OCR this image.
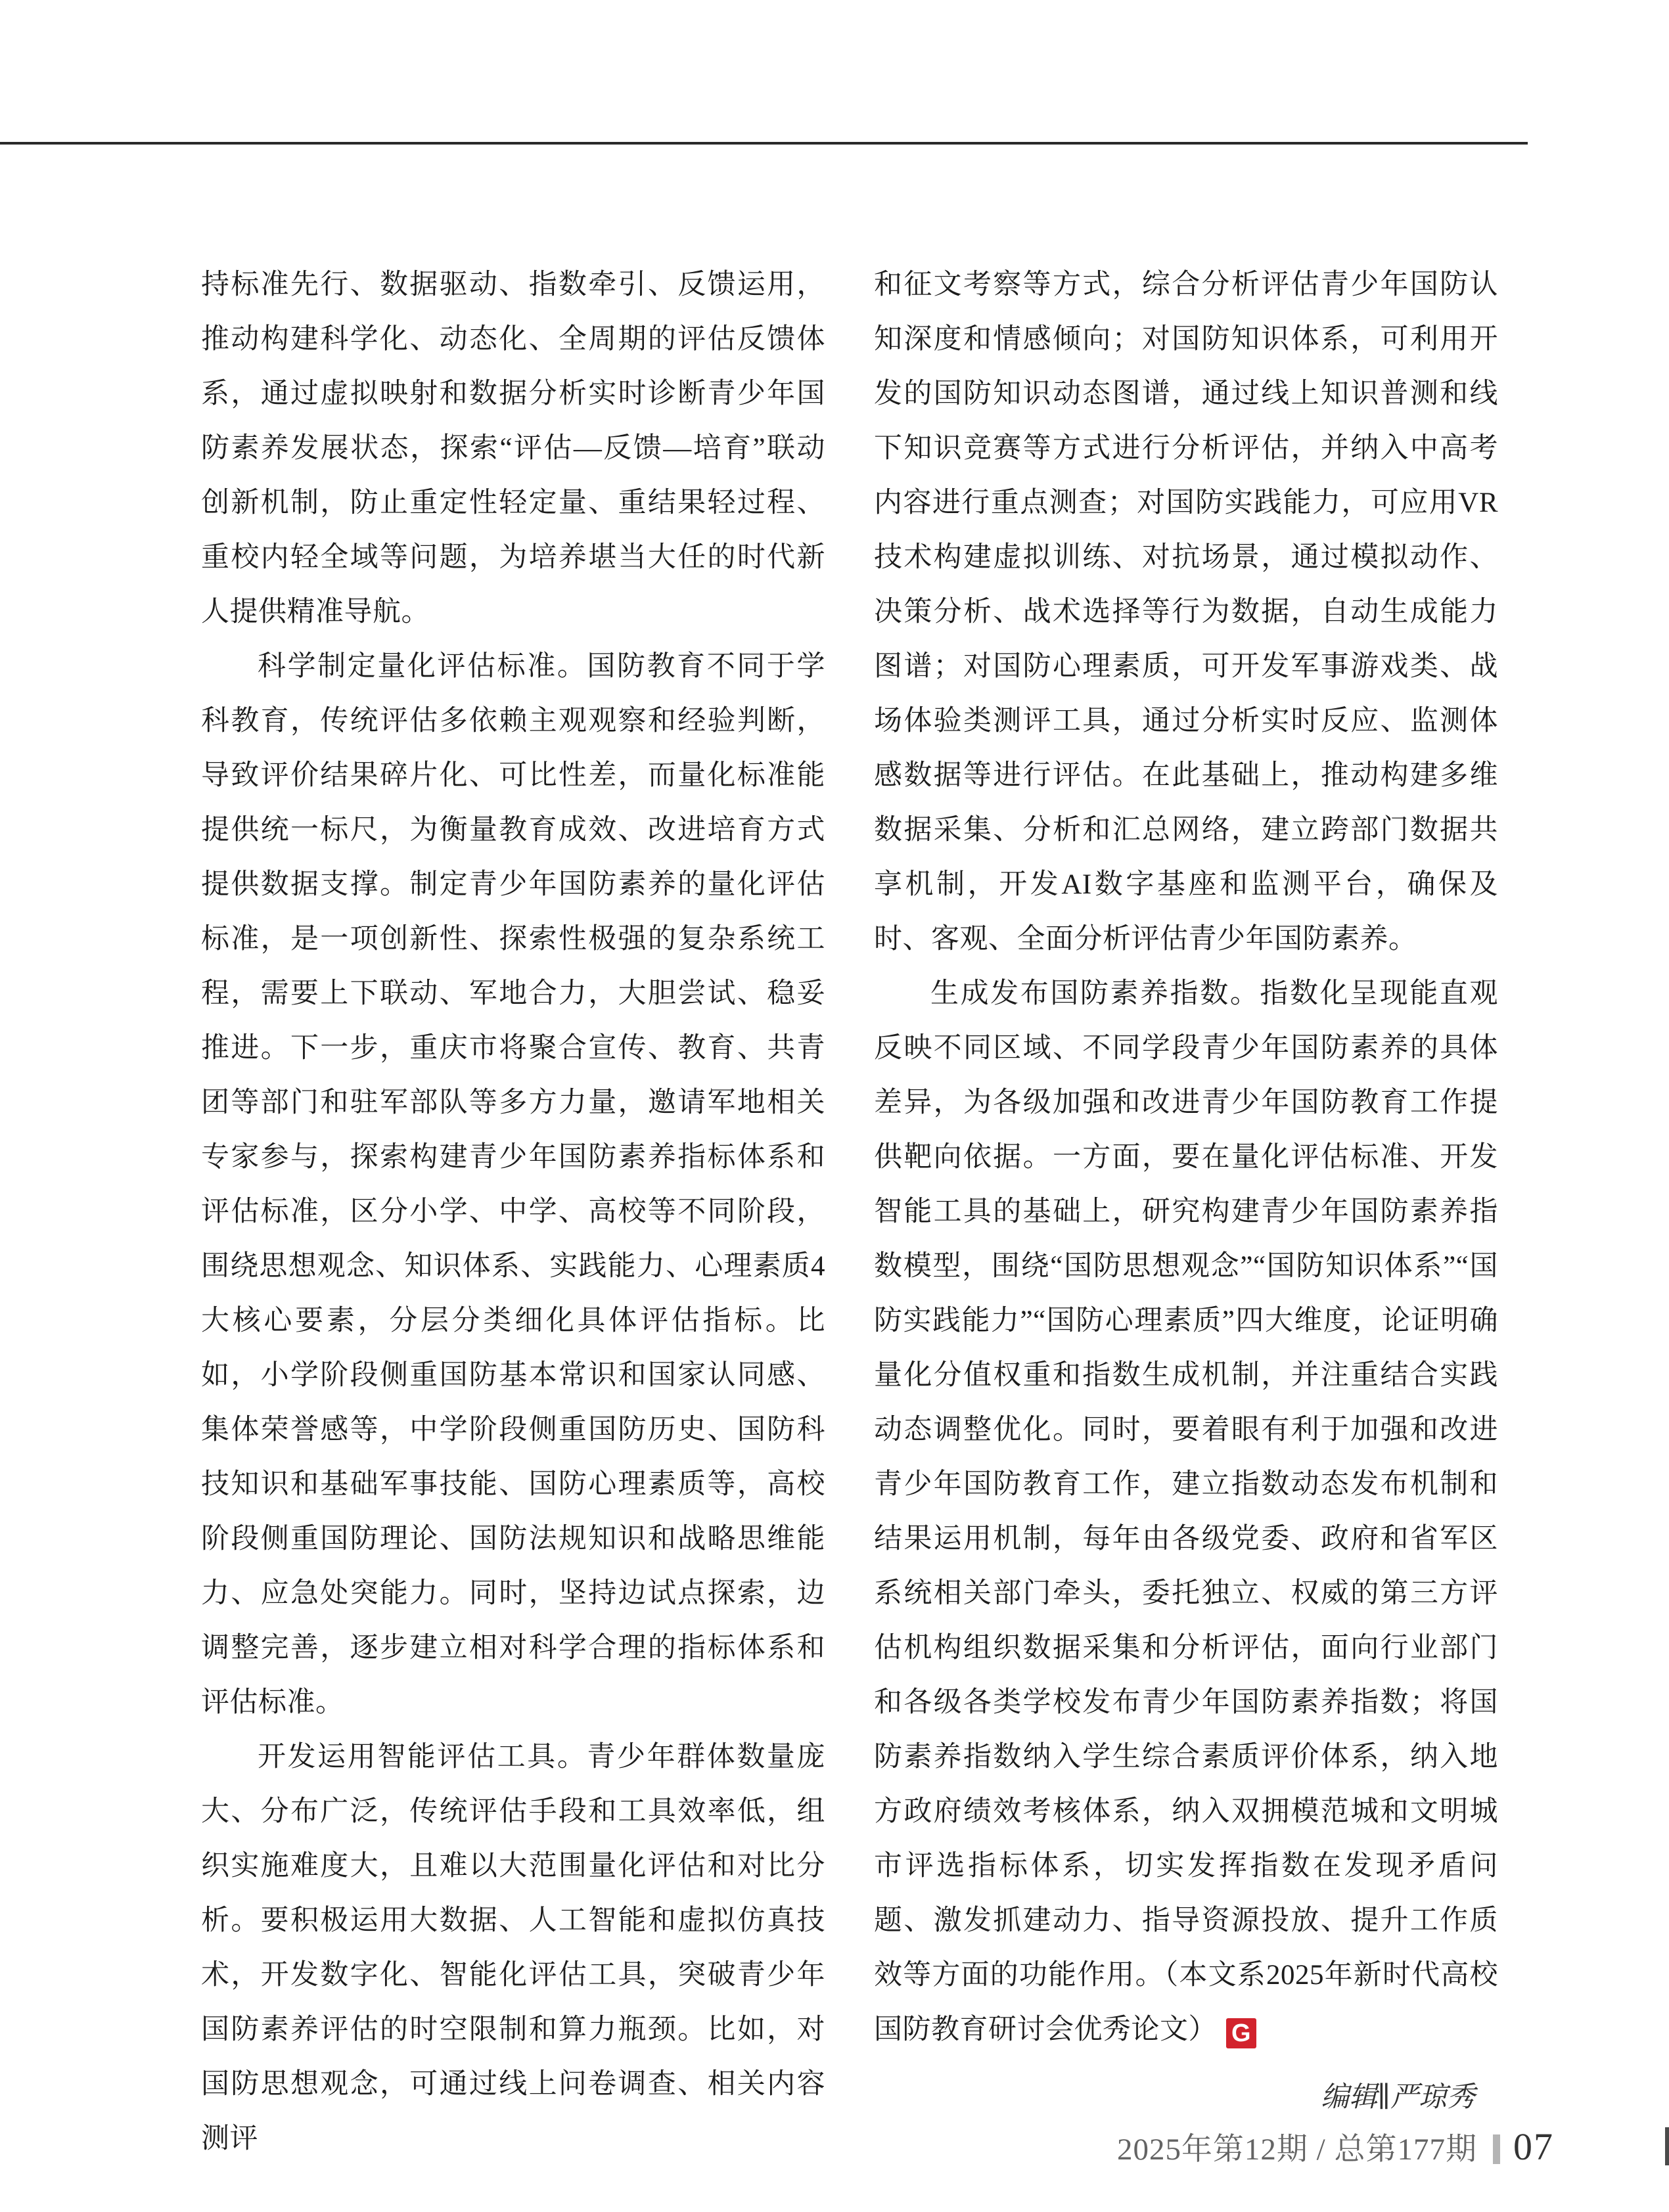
持标准先行、数据驱动、指数牵引、反馈运用，推动构建科学化、动态化、全周期的评估反馈体系，通过虚拟映射和数据分析实时诊断青少年国防素养发展状态，探索“评估—反馈—培育”联动创新机制，防止重定性轻定量、重结果轻过程、重校内轻全域等问题，为培养堪当大任的时代新人提供精准导航。

科学制定量化评估标准。国防教育不同于学科教育，传统评估多依赖主观观察和经验判断，导致评价结果碎片化、可比性差，而量化标准能提供统一标尺，为衡量教育成效、改进培育方式提供数据支撑。制定青少年国防素养的量化评估标准，是一项创新性、探索性极强的复杂系统工程，需要上下联动、军地合力，大胆尝试、稳妥推进。下一步，重庆市将聚合宣传、教育、共青团等部门和驻军部队等多方力量，邀请军地相关专家参与，探索构建青少年国防素养指标体系和评估标准，区分小学、中学、高校等不同阶段，围绕思想观念、知识体系、实践能力、心理素质4大核心要素，分层分类细化具体评估指标。比如，小学阶段侧重国防基本常识和国家认同感、集体荣誉感等，中学阶段侧重国防历史、国防科技知识和基础军事技能、国防心理素质等，高校阶段侧重国防理论、国防法规知识和战略思维能力、应急处突能力。同时，坚持边试点探索，边调整完善，逐步建立相对科学合理的指标体系和评估标准。

开发运用智能评估工具。青少年群体数量庞大、分布广泛，传统评估手段和工具效率低，组织实施难度大，且难以大范围量化评估和对比分析。要积极运用大数据、人工智能和虚拟仿真技术，开发数字化、智能化评估工具，突破青少年国防素养评估的时空限制和算力瓶颈。比如，对国防思想观念，可通过线上问卷调查、相关内容测评

和征文考察等方式，综合分析评估青少年国防认知深度和情感倾向；对国防知识体系，可利用开发的国防知识动态图谱，通过线上知识普测和线下知识竞赛等方式进行分析评估，并纳入中高考内容进行重点测查；对国防实践能力，可应用VR技术构建虚拟训练、对抗场景，通过模拟动作、决策分析、战术选择等行为数据，自动生成能力图谱；对国防心理素质，可开发军事游戏类、战场体验类测评工具，通过分析实时反应、监测体感数据等进行评估。在此基础上，推动构建多维数据采集、分析和汇总网络，建立跨部门数据共享机制，开发AI数字基座和监测平台，确保及时、客观、全面分析评估青少年国防素养。

生成发布国防素养指数。指数化呈现能直观反映不同区域、不同学段青少年国防素养的具体差异，为各级加强和改进青少年国防教育工作提供靶向依据。一方面，要在量化评估标准、开发智能工具的基础上，研究构建青少年国防素养指数模型，围绕“国防思想观念”“国防知识体系”“国防实践能力”“国防心理素质”四大维度，论证明确量化分值权重和指数生成机制，并注重结合实践动态调整优化。同时，要着眼有利于加强和改进青少年国防教育工作，建立指数动态发布机制和结果运用机制，每年由各级党委、政府和省军区系统相关部门牵头，委托独立、权威的第三方评估机构组织数据采集和分析评估，面向行业部门和各级各类学校发布青少年国防素养指数；将国防素养指数纳入学生综合素质评价体系，纳入地方政府绩效考核体系，纳入双拥模范城和文明城市评选指标体系，切实发挥指数在发现矛盾问题、激发抓建动力、指导资源投放、提升工作质效等方面的功能作用。（本文系2025年新时代高校国防教育研讨会优秀论文） G

编辑∥严琼秀
2025年第12期 / 总第177期 07
